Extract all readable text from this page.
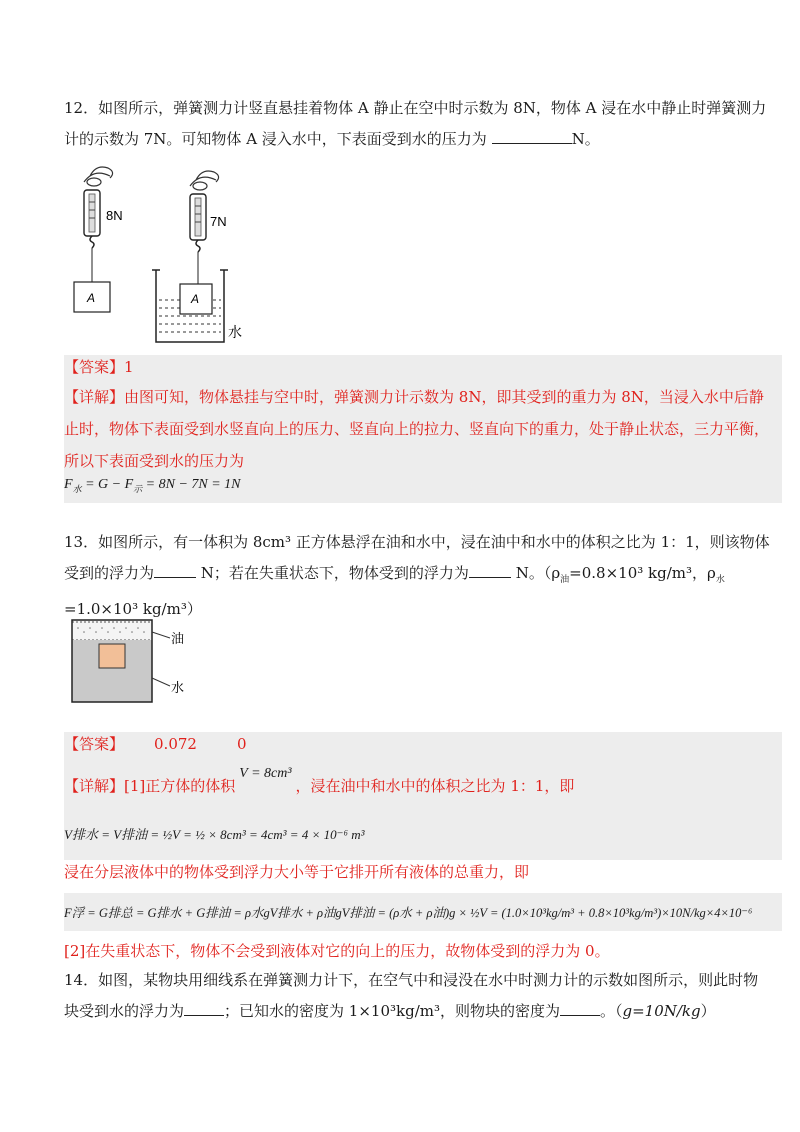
12．如图所示，弹簧测力计竖直悬挂着物体 A 静止在空中时示数为 8N，物体 A 浸在水中静止时弹簧测力
计的示数为 7N。可知物体 A 浸入水中，下表面受到水的压力为	N。
8N
A
7N
A
水
【答案】1
【详解】由图可知，物体悬挂与空中时，弹簧测力计示数为 8N，即其受到的重力为 8N，当浸入水中后静
止时，物体下表面受到水竖直向上的压力、竖直向上的拉力、竖直向下的重力，处于静止状态，三力平衡，
所以下表面受到水的压力为
$F_水 = G - F_示 = 8N - 7N = 1N$
13．如图所示，有一体积为 8cm³ 正方体悬浮在油和水中，浸在油中和水中的体积之比为 1：1，则该物体
受到的浮力为	N；若在失重状态下，物体受到的浮力为	N。（$\rho_油=0.8\times 10^3$ kg/m³，$\rho_水$
=1.0×10³ kg/m³）
油
水
【答案】 0.072	0
【详解】[1]正方体的体积V = 8cm³，浸在油中和水中的体积之比为 1：1，即
V排水 = V排油 = ½V = ½ × 8cm³ = 4cm³ = 4 × 10⁻⁶ m³
浸在分层液体中的物体受到浮力大小等于它排开所有液体的总重力，即
F浮 = G排总 = G排水 + G排油 = ρ水gV排水 + ρ油gV排油 = (ρ水 + ρ油)g × ½V = (1.0×10³kg/m³ + 0.8×10³kg/m³)×10N/kg×4×10⁻⁶
[2]在失重状态下，物体不会受到液体对它的向上的压力，故物体受到的浮力为 0。
14．如图，某物块用细线系在弹簧测力计下，在空气中和浸没在水中时测力计的示数如图所示，则此时物
块受到水的浮力为	；已知水的密度为 1×10³kg/m³，则物块的密度为	。（g=10N/kg）
